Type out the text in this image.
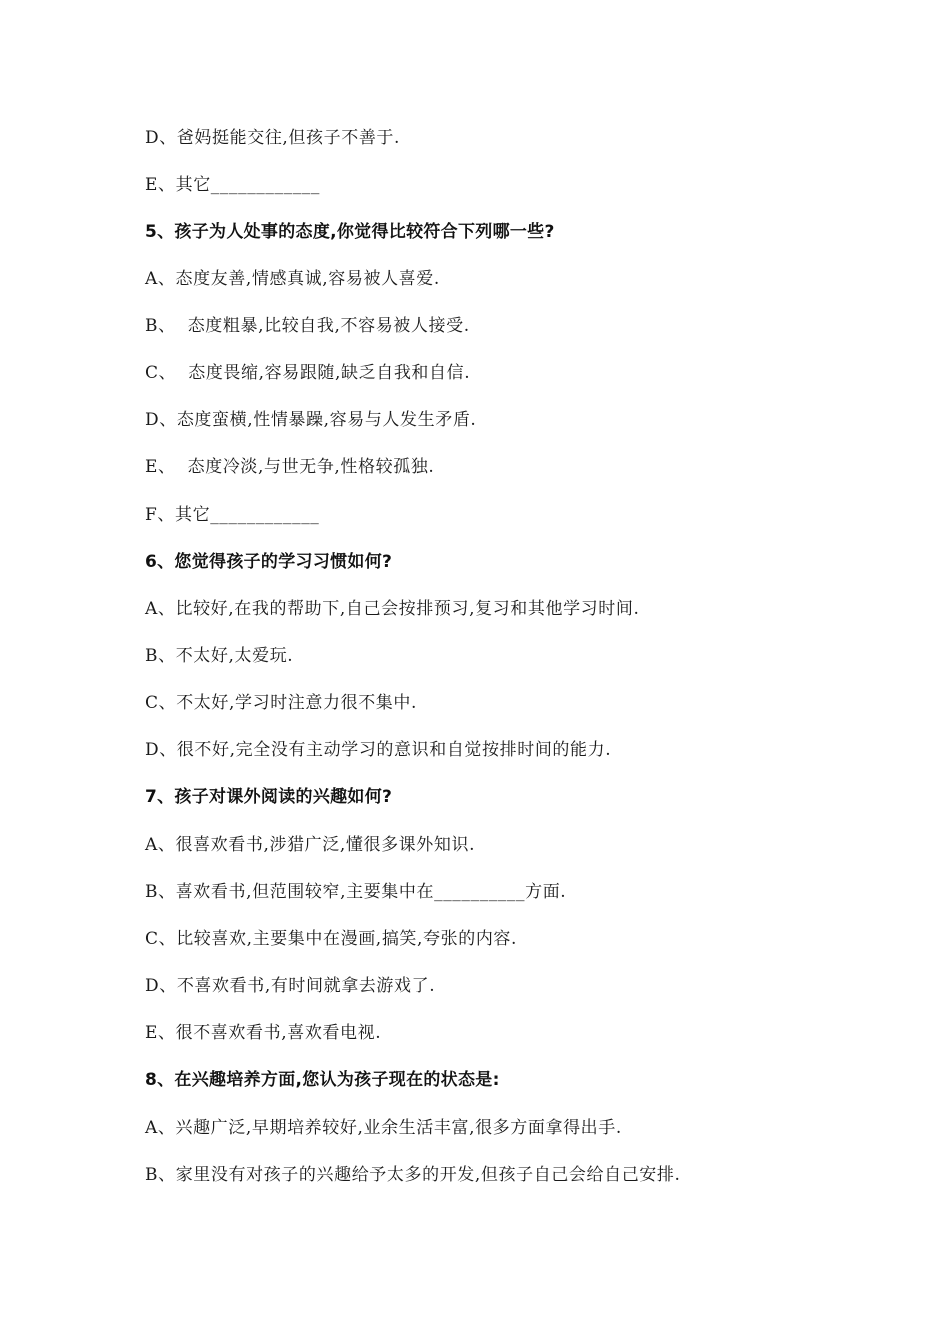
D、爸妈挺能交往,但孩子不善于.

E、其它____________

5、孩子为人处事的态度,你觉得比较符合下列哪一些?

A、态度友善,情感真诚,容易被人喜爱.

B、  态度粗暴,比较自我,不容易被人接受.

C、  态度畏缩,容易跟随,缺乏自我和自信.

D、态度蛮横,性情暴躁,容易与人发生矛盾.

E、  态度冷淡,与世无争,性格较孤独.

F、其它____________

6、您觉得孩子的学习习惯如何?

A、比较好,在我的帮助下,自己会按排预习,复习和其他学习时间.

B、不太好,太爱玩.

C、不太好,学习时注意力很不集中.

D、很不好,完全没有主动学习的意识和自觉按排时间的能力.

7、孩子对课外阅读的兴趣如何?

A、很喜欢看书,涉猎广泛,懂很多课外知识.

B、喜欢看书,但范围较窄,主要集中在__________方面.

C、比较喜欢,主要集中在漫画,搞笑,夸张的内容.

D、不喜欢看书,有时间就拿去游戏了.

E、很不喜欢看书,喜欢看电视.

8、在兴趣培养方面,您认为孩子现在的状态是:

A、兴趣广泛,早期培养较好,业余生活丰富,很多方面拿得出手.

B、家里没有对孩子的兴趣给予太多的开发,但孩子自己会给自己安排.
